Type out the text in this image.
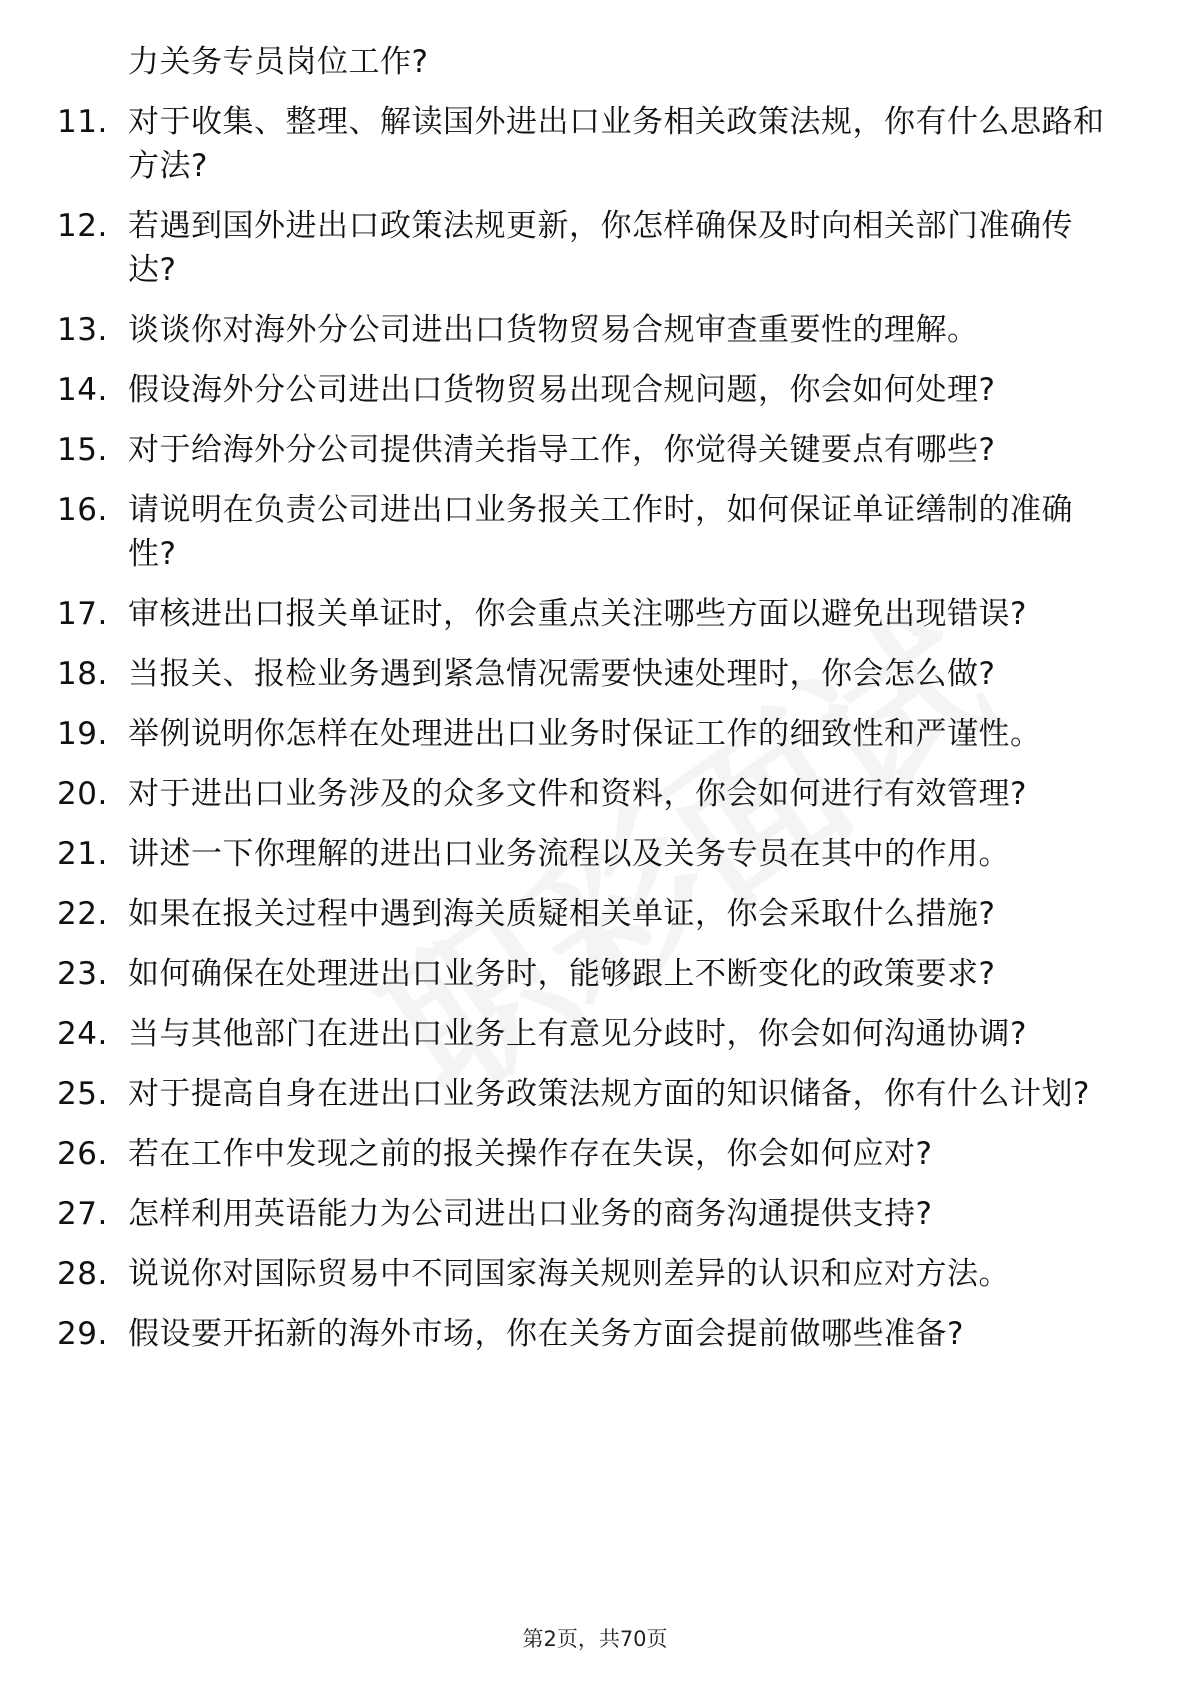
力关务专员岗位工作?
11. 对于收集、整理、解读国外进出口业务相关政策法规，你有什么思路和方法?
12. 若遇到国外进出口政策法规更新，你怎样确保及时向相关部门准确传达?
13. 谈谈你对海外分公司进出口货物贸易合规审查重要性的理解。
14. 假设海外分公司进出口货物贸易出现合规问题，你会如何处理?
15. 对于给海外分公司提供清关指导工作，你觉得关键要点有哪些?
16. 请说明在负责公司进出口业务报关工作时，如何保证单证缮制的准确性?
17. 审核进出口报关单证时，你会重点关注哪些方面以避免出现错误?
18. 当报关、报检业务遇到紧急情况需要快速处理时，你会怎么做?
19. 举例说明你怎样在处理进出口业务时保证工作的细致性和严谨性。
20. 对于进出口业务涉及的众多文件和资料，你会如何进行有效管理?
21. 讲述一下你理解的进出口业务流程以及关务专员在其中的作用。
22. 如果在报关过程中遇到海关质疑相关单证，你会采取什么措施?
23. 如何确保在处理进出口业务时，能够跟上不断变化的政策要求?
24. 当与其他部门在进出口业务上有意见分歧时，你会如何沟通协调?
25. 对于提高自身在进出口业务政策法规方面的知识储备，你有什么计划?
26. 若在工作中发现之前的报关操作存在失误，你会如何应对?
27. 怎样利用英语能力为公司进出口业务的商务沟通提供支持?
28. 说说你对国际贸易中不同国家海关规则差异的认识和应对方法。
29. 假设要开拓新的海外市场，你在关务方面会提前做哪些准备?
第2页，共70页
